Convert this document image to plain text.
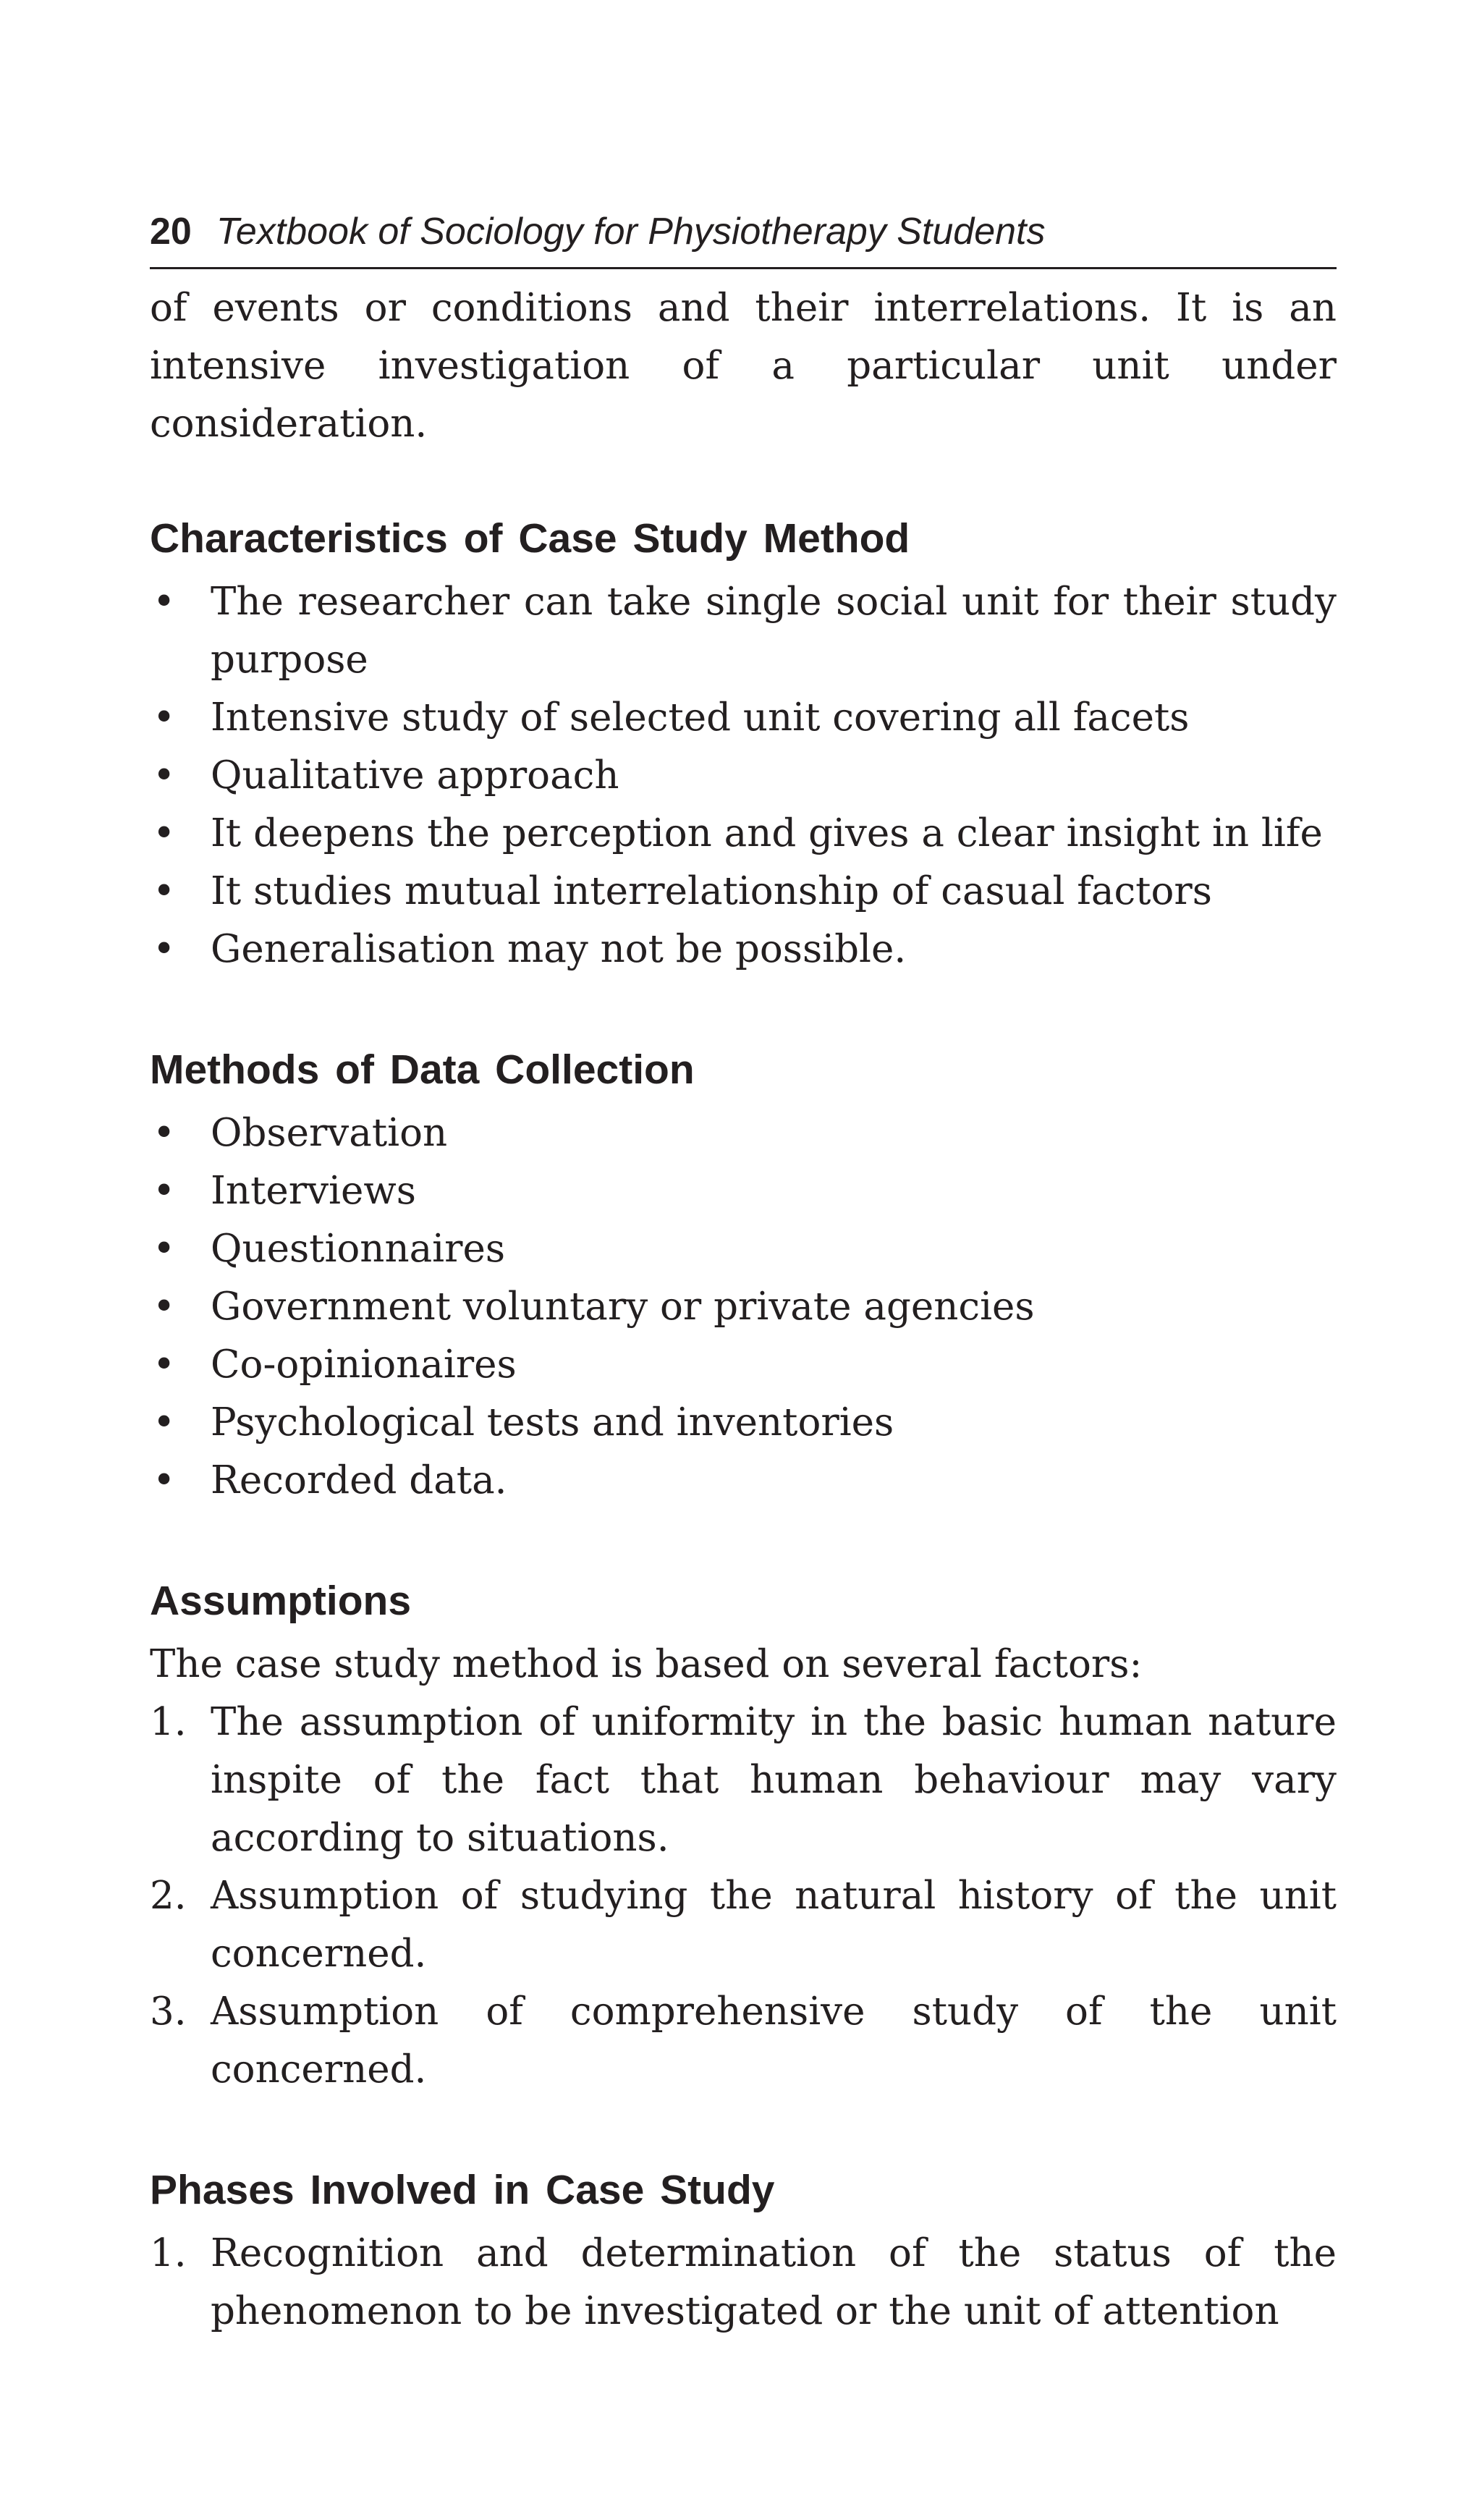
20 Textbook of Sociology for Physiotherapy Students

of events or conditions and their interrelations. It is an intensive investigation of a particular unit under consideration.

Characteristics of Case Study Method
• The researcher can take single social unit for their study purpose
• Intensive study of selected unit covering all facets
• Qualitative approach
• It deepens the perception and gives a clear insight in life
• It studies mutual interrelationship of casual factors
• Generalisation may not be possible.
Methods of Data Collection
• Observation
• Interviews
• Questionnaires
• Government voluntary or private agencies
• Co-opinionaires
• Psychological tests and inventories
• Recorded data.
Assumptions

The case study method is based on several factors:

1. The assumption of uniformity in the basic human nature inspite of the fact that human behaviour may vary according to situations.
2. Assumption of studying the natural history of the unit concerned.
3. Assumption of comprehensive study of the unit concerned.
Phases Involved in Case Study
1. Recognition and determination of the status of the phenomenon to be investigated or the unit of attention
